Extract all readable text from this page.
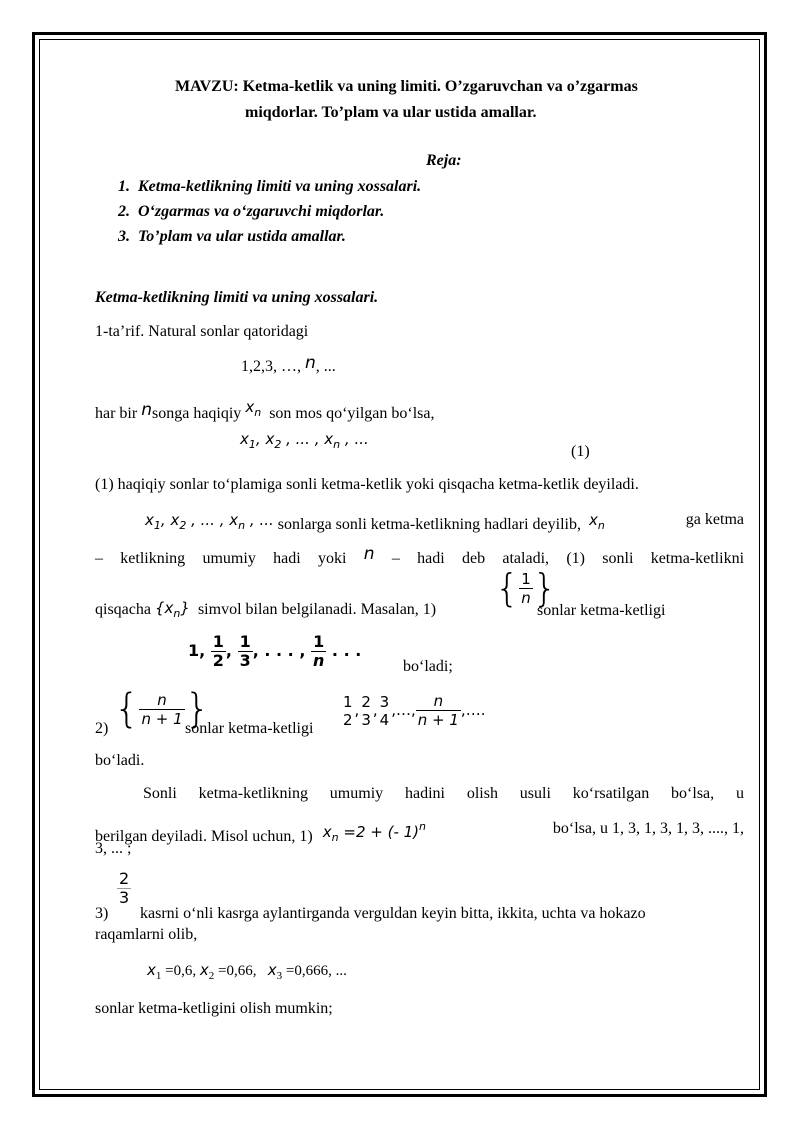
MAVZU: Ketma-ketlik va uning limiti. O’zgaruvchan va o’zgarmas
miqdorlar. To’plam va ular ustida amallar.
Reja:
1. Ketma-ketlikning limiti va uning xossalari.
2. O‘zgarmas va o‘zgaruvchi miqdorlar.
3. To’plam va ular ustida amallar.
Ketma-ketlikning limiti va uning xossalari.
1-ta’rif. Natural sonlar qatoridagi
1,2,3, …, n, ...
har bir nsonga haqiqiy $x_n$ son mos qo‘yilgan bo‘lsa,
$x_1$, $x_2$ , ... , $x_n$ , ...
(1)
(1) haqiqiy sonlar to‘plamiga sonli ketma-ketlik yoki qisqacha ketma-ketlik deyiladi.
$x_1$, $x_2$ , ... , $x_n$ , ... sonlarga sonli ketma-ketlikning hadlari deyilib, $x_n$	ga ketma
– ketlikning umumiy hadi yoki n – hadi deb ataladi, (1) sonli ketma-ketlikni
qisqacha $\{x_n\}$ simvol bilan belgilanadi. Masalan, 1) { $\frac{1}{n}$ }
sonlar ketma-ketligi
1, $\frac{1}{2}$ , $\frac{1}{3}$ , . . . , $\frac{1}{n}$ . . .
bo‘ladi;
{ $\frac{n}{n + 1}$ }
2)	sonlar ketma-ketligi
1
2
, 2
3
, 3
4
,…, $\frac{n}{n + 1}$ ,….
bo‘ladi.
Sonli ketma-ketlikning umumiy hadini olish usuli ko‘rsatilgan bo‘lsa, u
berilgan deyiladi. Misol uchun, 1) $x_n =2$ + (- 1)$^n$	bo‘lsa, u 1, 3, 1, 3, 1, 3, ...., 1,
3, ... ;
$\frac{2}{3}$
3) kasrni o‘nli kasrga aylantirganda verguldan keyin bitta, ikkita, uchta va hokazo
raqamlarni olib,
$x_1 =0,6$, $x_2 =0,66$,   $x_3 =0,666$, ...
sonlar ketma-ketligini olish mumkin;
